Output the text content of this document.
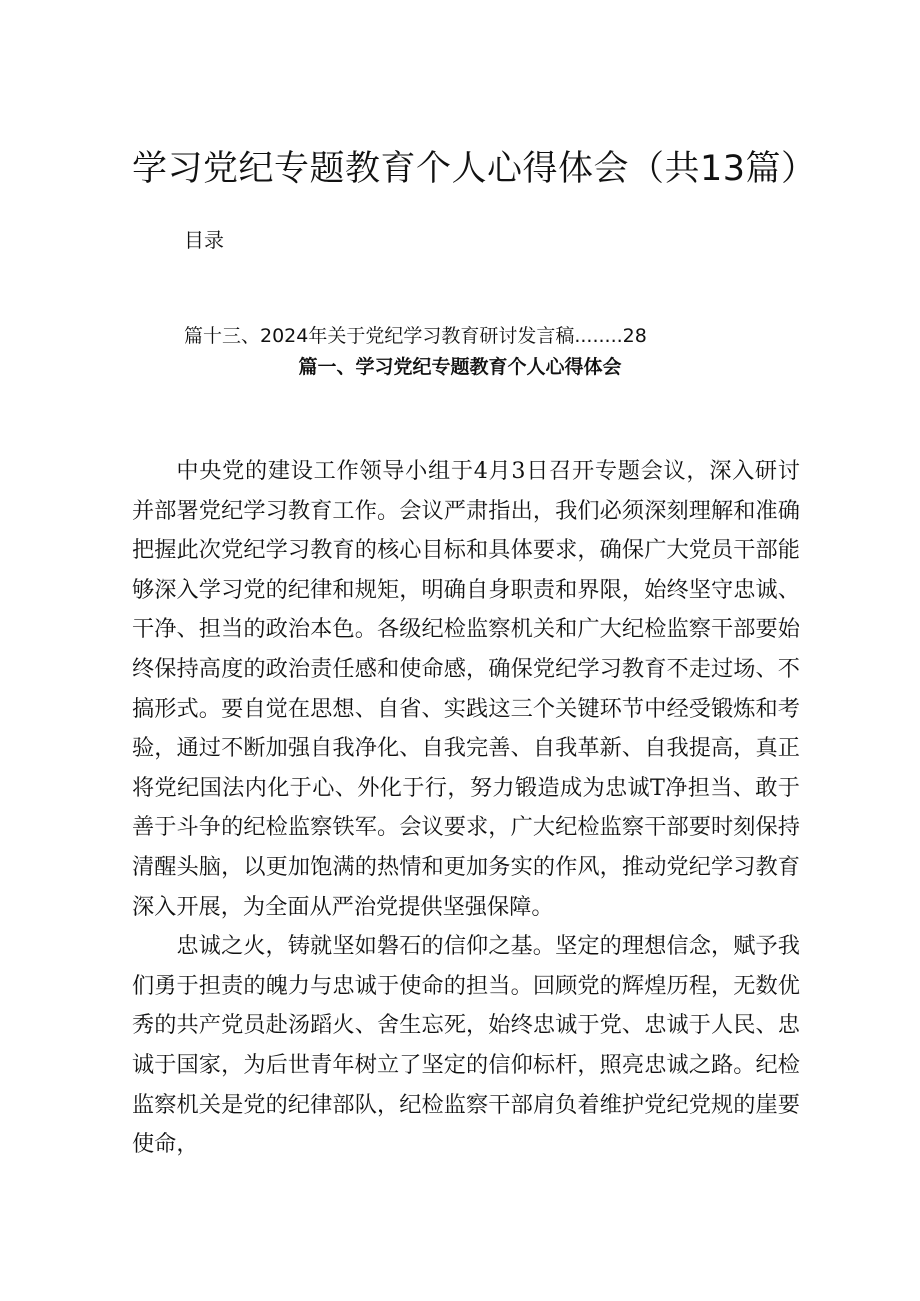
学习党纪专题教育个人心得体会（共13篇）
目录
篇十三、2024年关于党纪学习教育研讨发言稿........28
篇一、学习党纪专题教育个人心得体会

中央党的建设工作领导小组于4月3日召开专题会议，深入研讨并部署党纪学习教育工作。会议严肃指出，我们必须深刻理解和准确把握此次党纪学习教育的核心目标和具体要求，确保广大党员干部能够深入学习党的纪律和规矩，明确自身职责和界限，始终坚守忠诚、干净、担当的政治本色。各级纪检监察机关和广大纪检监察干部要始终保持高度的政治责任感和使命感，确保党纪学习教育不走过场、不搞形式。要自觉在思想、自省、实践这三个关键环节中经受锻炼和考验，通过不断加强自我净化、自我完善、自我革新、自我提高，真正将党纪国法内化于心、外化于行，努力锻造成为忠诚T净担当、敢于善于斗争的纪检监察铁军。会议要求，广大纪检监察干部要时刻保持清醒头脑，以更加饱满的热情和更加务实的作风，推动党纪学习教育深入开展，为全面从严治党提供坚强保障。

忠诚之火，铸就坚如磐石的信仰之基。坚定的理想信念，赋予我们勇于担责的魄力与忠诚于使命的担当。回顾党的辉煌历程，无数优秀的共产党员赴汤蹈火、舍生忘死，始终忠诚于党、忠诚于人民、忠诚于国家，为后世青年树立了坚定的信仰标杆，照亮忠诚之路。纪检监察机关是党的纪律部队，纪检监察干部肩负着维护党纪党规的崖要使命，
